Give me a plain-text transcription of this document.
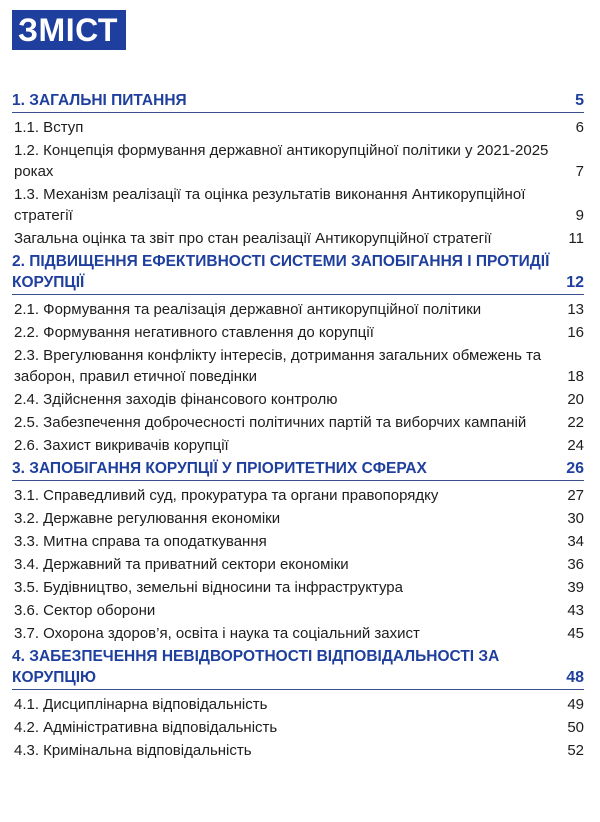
ЗМІСТ
1. ЗАГАЛЬНІ ПИТАННЯ	5
1.1. Вступ	6
1.2. Концепція формування державної антикорупційної політики у 2021-2025 роках	7
1.3. Механізм реалізації та оцінка результатів виконання Антикорупційної стратегії	9
Загальна оцінка та звіт про стан реалізації Антикорупційної стратегії	11
2. ПІДВИЩЕННЯ ЕФЕКТИВНОСТІ СИСТЕМИ ЗАПОБІГАННЯ І ПРОТИДІЇ КОРУПЦІЇ	12
2.1. Формування та реалізація державної антикорупційної політики	13
2.2. Формування негативного ставлення до корупції	16
2.3. Врегулювання конфлікту інтересів, дотримання загальних обмежень та заборон, правил етичної поведінки	18
2.4. Здійснення заходів фінансового контролю	20
2.5. Забезпечення доброчесності політичних партій та виборчих кампаній	22
2.6. Захист викривачів корупції	24
3. ЗАПОБІГАННЯ КОРУПЦІЇ У ПРІОРИТЕТНИХ СФЕРАХ	26
3.1. Справедливий суд, прокуратура та органи правопорядку	27
3.2. Державне регулювання економіки	30
3.3. Митна справа та оподаткування	34
3.4. Державний та приватний сектори економіки	36
3.5. Будівництво, земельні відносини та інфраструктура	39
3.6. Сектор оборони	43
3.7. Охорона здоров’я, освіта і наука та соціальний захист	45
4. ЗАБЕЗПЕЧЕННЯ НЕВІДВОРОТНОСТІ ВІДПОВІДАЛЬНОСТІ ЗА КОРУПЦІЮ	48
4.1. Дисциплінарна відповідальність	49
4.2. Адміністративна відповідальність	50
4.3. Кримінальна відповідальність	52
